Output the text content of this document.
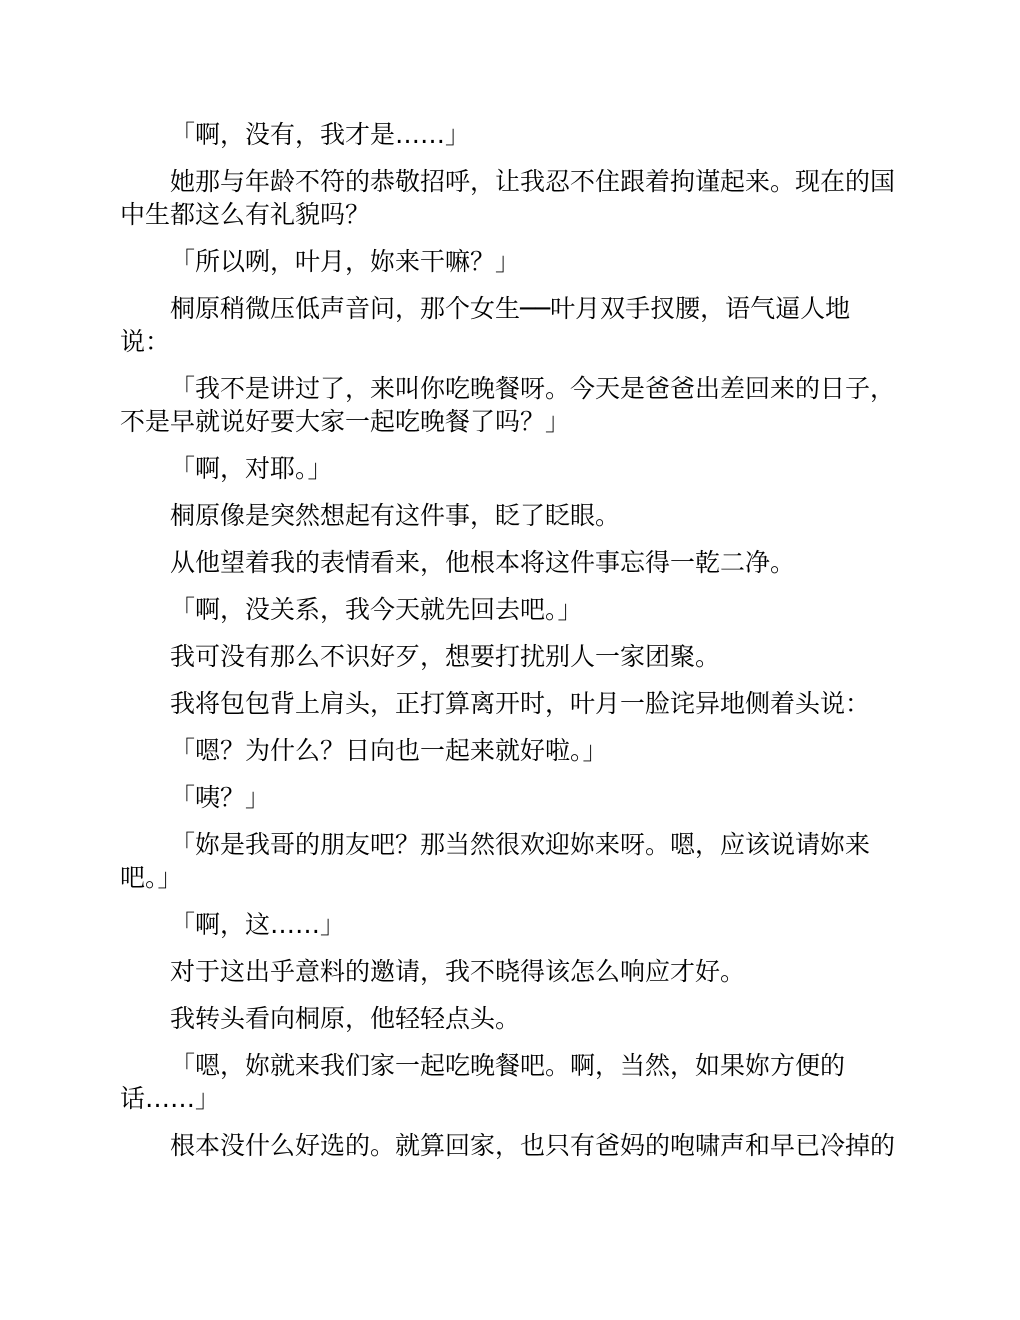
「啊，没有，我才是……」

她那与年龄不符的恭敬招呼，让我忍不住跟着拘谨起来。现在的国中生都这么有礼貌吗？

「所以咧，叶月，妳来干嘛？」

桐原稍微压低声音问，那个女生──叶月双手扠腰，语气逼人地说：

「我不是讲过了，来叫你吃晚餐呀。今天是爸爸出差回来的日子，不是早就说好要大家一起吃晚餐了吗？」

「啊，对耶。」

桐原像是突然想起有这件事，眨了眨眼。

从他望着我的表情看来，他根本将这件事忘得一乾二净。

「啊，没关系，我今天就先回去吧。」

我可没有那么不识好歹，想要打扰别人一家团聚。

我将包包背上肩头，正打算离开时，叶月一脸诧异地侧着头说：

「嗯？为什么？日向也一起来就好啦。」

「咦？」

「妳是我哥的朋友吧？那当然很欢迎妳来呀。嗯，应该说请妳来吧。」

「啊，这……」

对于这出乎意料的邀请，我不晓得该怎么响应才好。

我转头看向桐原，他轻轻点头。

「嗯，妳就来我们家一起吃晚餐吧。啊，当然，如果妳方便的话……」

根本没什么好选的。就算回家，也只有爸妈的咆啸声和早已冷掉的
